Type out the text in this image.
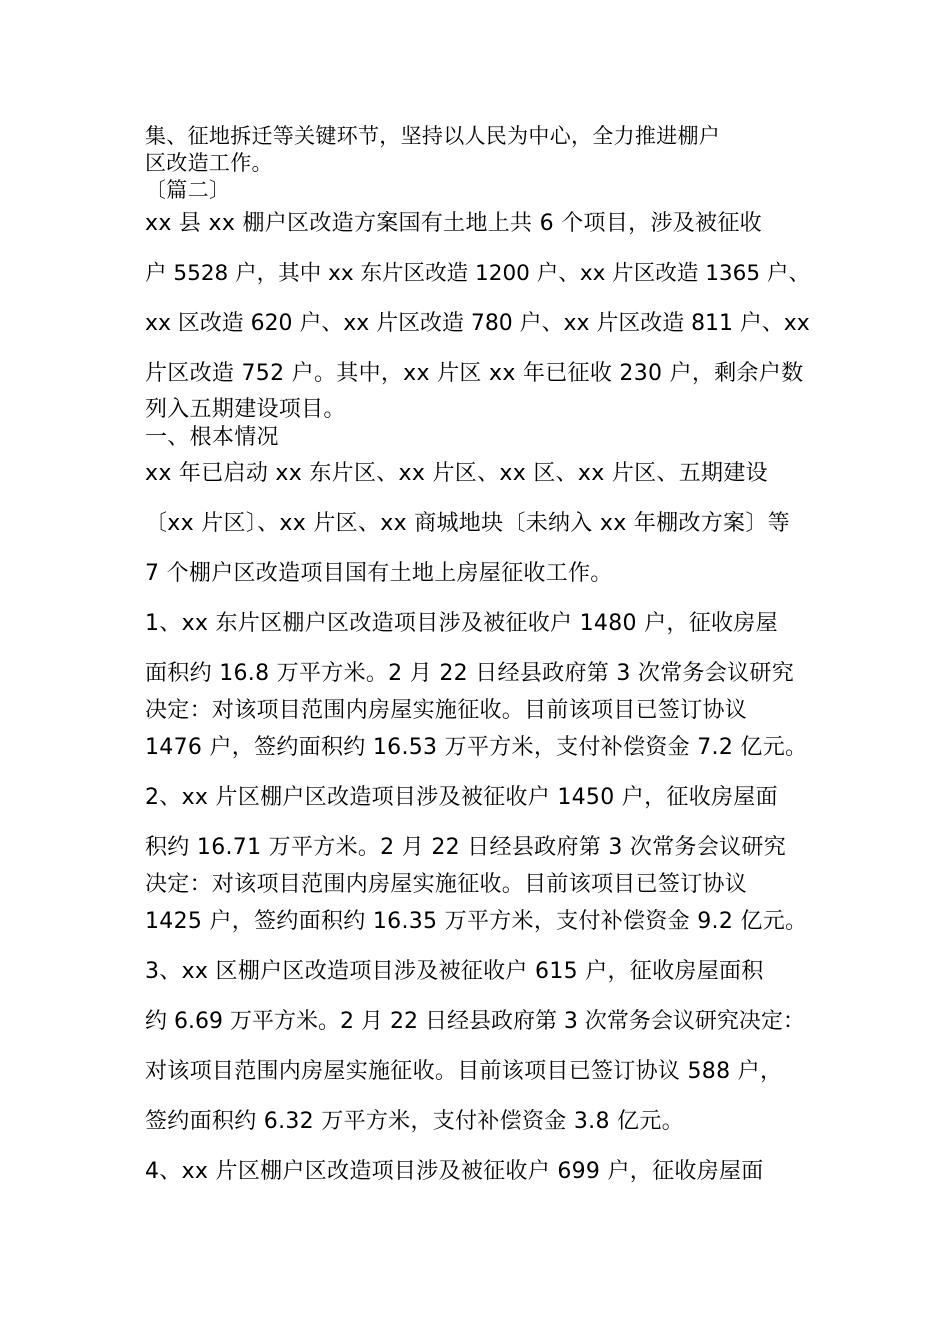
集、征地拆迁等关键环节，坚持以人民为中心，全力推进棚户
区改造工作。
〔篇二〕
xx 县 xx 棚户区改造方案国有土地上共 6 个项目，涉及被征收
户 5528 户，其中 xx 东片区改造 1200 户、xx 片区改造 1365 户、
xx 区改造 620 户、xx 片区改造 780 户、xx 片区改造 811 户、xx
片区改造 752 户。其中，xx 片区 xx 年已征收 230 户，剩余户数
列入五期建设项目。
一、根本情况
xx 年已启动 xx 东片区、xx 片区、xx 区、xx 片区、五期建设
〔xx 片区〕、xx 片区、xx 商城地块〔未纳入 xx 年棚改方案〕等
7 个棚户区改造项目国有土地上房屋征收工作。
1、xx 东片区棚户区改造项目涉及被征收户 1480 户，征收房屋
面积约 16.8 万平方米。2 月 22 日经县政府第 3 次常务会议研究
决定：对该项目范围内房屋实施征收。目前该项目已签订协议
1476 户，签约面积约 16.53 万平方米，支付补偿资金 7.2 亿元。
2、xx 片区棚户区改造项目涉及被征收户 1450 户，征收房屋面
积约 16.71 万平方米。2 月 22 日经县政府第 3 次常务会议研究
决定：对该项目范围内房屋实施征收。目前该项目已签订协议
1425 户，签约面积约 16.35 万平方米，支付补偿资金 9.2 亿元。
3、xx 区棚户区改造项目涉及被征收户 615 户，征收房屋面积
约 6.69 万平方米。2 月 22 日经县政府第 3 次常务会议研究决定：
对该项目范围内房屋实施征收。目前该项目已签订协议 588 户，
签约面积约 6.32 万平方米，支付补偿资金 3.8 亿元。
4、xx 片区棚户区改造项目涉及被征收户 699 户，征收房屋面
